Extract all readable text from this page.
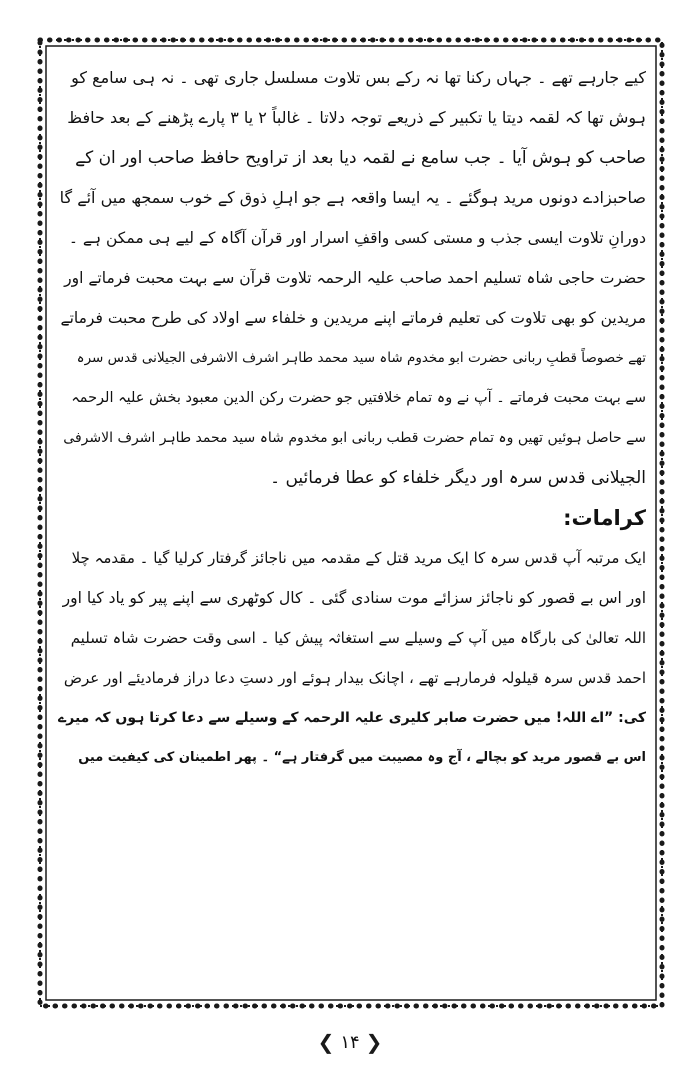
کیے جارہے تھے ۔ جہاں رکنا تھا نہ رکے بس تلاوت مسلسل جاری تھی ۔ نہ ہی سامع کو
ہوش تھا کہ لقمہ دیتا یا تکبیر کے ذریعے توجہ دلاتا ۔ غالباً ۲ یا ۳ پارے پڑھنے کے بعد حافظ
صاحب کو ہوش آیا ۔ جب سامع نے لقمہ دیا بعد از تراویح حافظ صاحب اور ان کے
صاحبزادے دونوں مرید ہوگئے ۔ یہ ایسا واقعہ ہے جو اہلِ ذوق کے خوب سمجھ میں آئے گا
دورانِ تلاوت ایسی جذب و مستی کسی واقفِ اسرار اور قرآن آگاہ کے لیے ہی ممکن ہے ۔
حضرت حاجی شاہ تسلیم احمد صاحب علیہ الرحمہ تلاوت قرآن سے بہت محبت فرماتے اور
مریدین کو بھی تلاوت کی تعلیم فرماتے اپنے مریدین و خلفاء سے اولاد کی طرح محبت فرماتے
تھے خصوصاً قطبِ ربانی حضرت ابو مخدوم شاہ سید محمد طاہر اشرف الاشرفی الجیلانی قدس سرہ
سے بہت محبت فرماتے ۔ آپ نے وہ تمام خلافتیں جو حضرت رکن الدین معبود بخش علیہ الرحمہ
سے حاصل ہوئیں تھیں وہ تمام حضرت قطب ربانی ابو مخدوم شاہ سید محمد طاہر اشرف الاشرفی
الجیلانی قدس سرہ اور دیگر خلفاء کو عطا فرمائیں ۔
کرامات:
ایک مرتبہ آپ قدس سرہ کا ایک مرید قتل کے مقدمہ میں ناجائز گرفتار کرلیا گیا ۔ مقدمہ چلا
اور اس بے قصور کو ناجائز سزائے موت سنادی گئی ۔ کال کوٹھری سے اپنے پیر کو یاد کیا اور
اللہ تعالیٰ کی بارگاہ میں آپ کے وسیلے سے استغاثہ پیش کیا ۔ اسی وقت حضرت شاہ تسلیم
احمد قدس سرہ قیلولہ فرمارہے تھے ، اچانک بیدار ہوئے اور دستِ دعا دراز فرمادیئے اور عرض
کی: ”اے اللہ! میں حضرت صابر کلیری علیہ الرحمہ کے وسیلے سے دعا کرتا ہوں کہ میرے
اس بے قصور مرید کو بچالے ، آج وہ مصیبت میں گرفتار ہے“ ۔ پھر اطمینان کی کیفیت میں
❮ ۱۴ ❯
